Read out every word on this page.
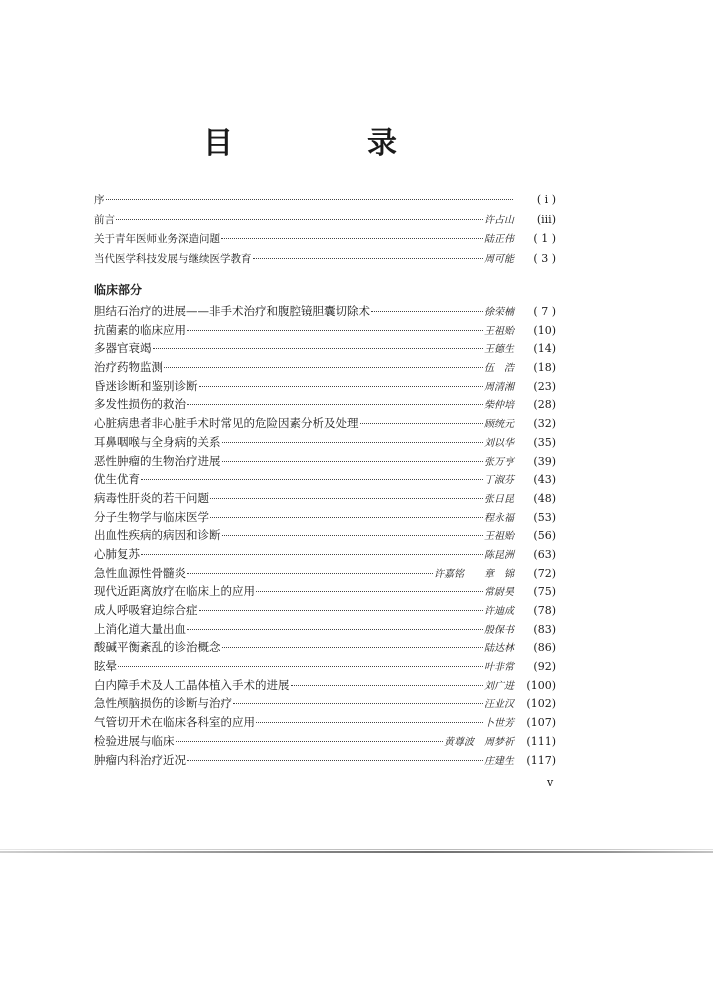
目　录
序	( i )
前言	许占山	(iii)
关于青年医师业务深造问题	陆正伟	( 1 )
当代医学科技发展与继续医学教育	周可能	( 3 )
临床部分
胆结石治疗的进展——非手术治疗和腹腔镜胆囊切除术	徐荣楠	( 7 )
抗菌素的临床应用	王祖贻	(10)
多器官衰竭	王德生	(14)
治疗药物监测	伍　浩	(18)
昏迷诊断和鉴别诊断	周清湘	(23)
多发性损伤的救治	柴仲培	(28)
心脏病患者非心脏手术时常见的危险因素分析及处理	顾统元	(32)
耳鼻咽喉与全身病的关系	刘以华	(35)
恶性肿瘤的生物治疗进展	张万亨	(39)
优生优育	丁淑芬	(43)
病毒性肝炎的若干问题	张日昆	(48)
分子生物学与临床医学	程永福	(53)
出血性疾病的病因和诊断	王祖贻	(56)
心肺复苏	陈昆洲	(63)
急性血源性骨髓炎	许嘉铭　　章　锦	(72)
现代近距离放疗在临床上的应用	常尉昊	(75)
成人呼吸窘迫综合症	许迪成	(78)
上消化道大量出血	殷保书	(83)
酸碱平衡紊乱的诊治概念	陆达林	(86)
眩晕	叶非常	(92)
白内障手术及人工晶体植入手术的进展	刘广进	(100)
急性颅脑损伤的诊断与治疗	汪业汉	(102)
气管切开术在临床各科室的应用	卜世芳	(107)
检验进展与临床	黄尊波　周梦祈	(111)
肿瘤内科治疗近况	庄建生	(117)
v
